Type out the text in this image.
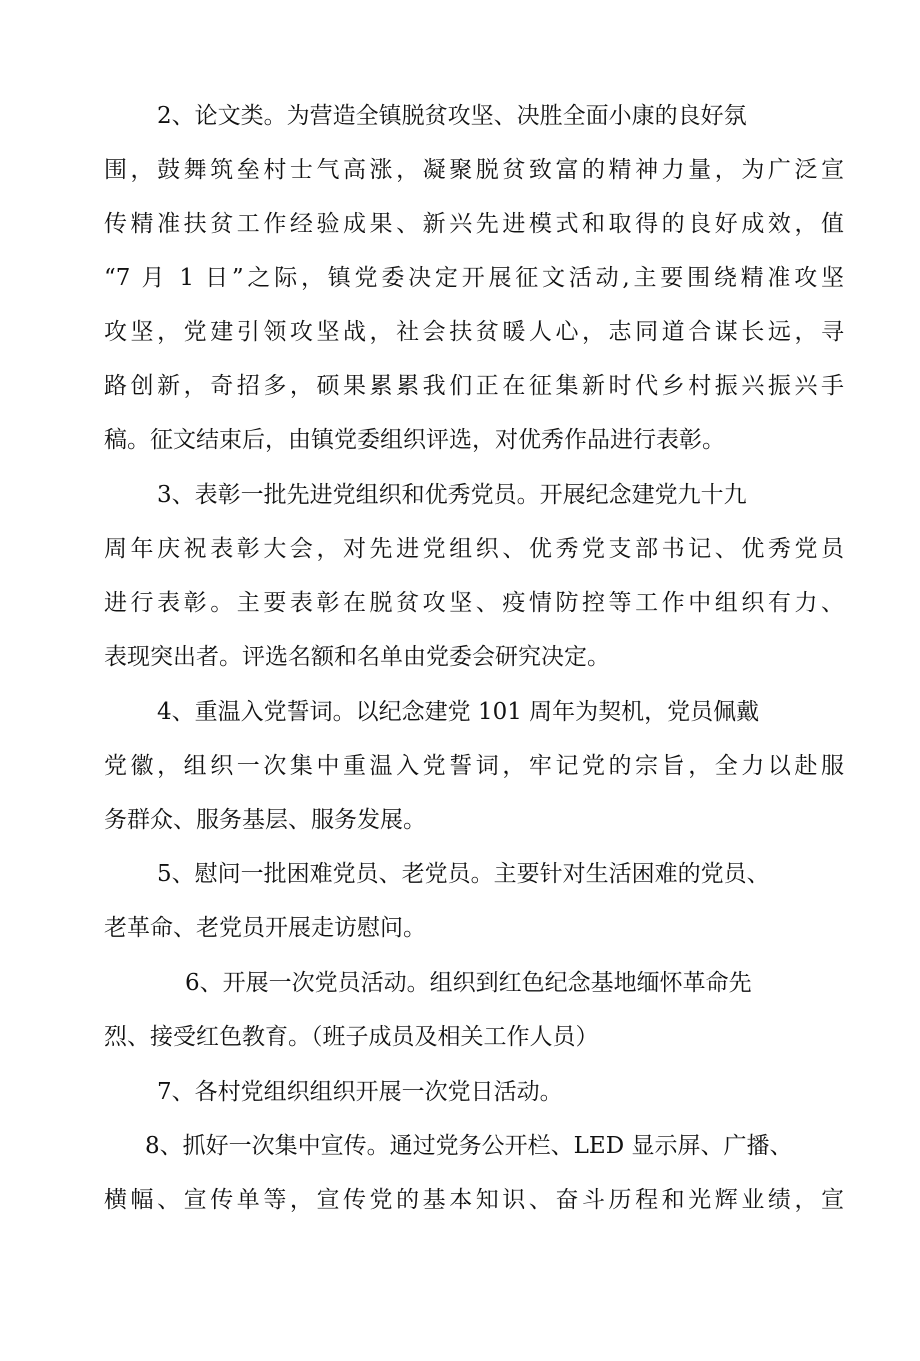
2、论文类。为营造全镇脱贫攻坚、决胜全面小康的良好氛

围，鼓舞筑垒村士气高涨，凝聚脱贫致富的精神力量，为广泛宣

传精准扶贫工作经验成果、新兴先进模式和取得的良好成效，值

“7 月 1 日”之际，镇党委决定开展征文活动,主要围绕精准攻坚

攻坚，党建引领攻坚战，社会扶贫暖人心，志同道合谋长远，寻

路创新，奇招多，硕果累累我们正在征集新时代乡村振兴振兴手

稿。征文结束后，由镇党委组织评选，对优秀作品进行表彰。

3、表彰一批先进党组织和优秀党员。开展纪念建党九十九

周年庆祝表彰大会，对先进党组织、优秀党支部书记、优秀党员

进行表彰。主要表彰在脱贫攻坚、疫情防控等工作中组织有力、

表现突出者。评选名额和名单由党委会研究决定。

4、重温入党誓词。以纪念建党 101 周年为契机，党员佩戴

党徽，组织一次集中重温入党誓词，牢记党的宗旨，全力以赴服

务群众、服务基层、服务发展。

5、慰问一批困难党员、老党员。主要针对生活困难的党员、

老革命、老党员开展走访慰问。

6、开展一次党员活动。组织到红色纪念基地缅怀革命先

烈、接受红色教育。（班子成员及相关工作人员）

7、各村党组织组织开展一次党日活动。

8、抓好一次集中宣传。通过党务公开栏、LED 显示屏、广播、

横幅、宣传单等，宣传党的基本知识、奋斗历程和光辉业绩，宣
